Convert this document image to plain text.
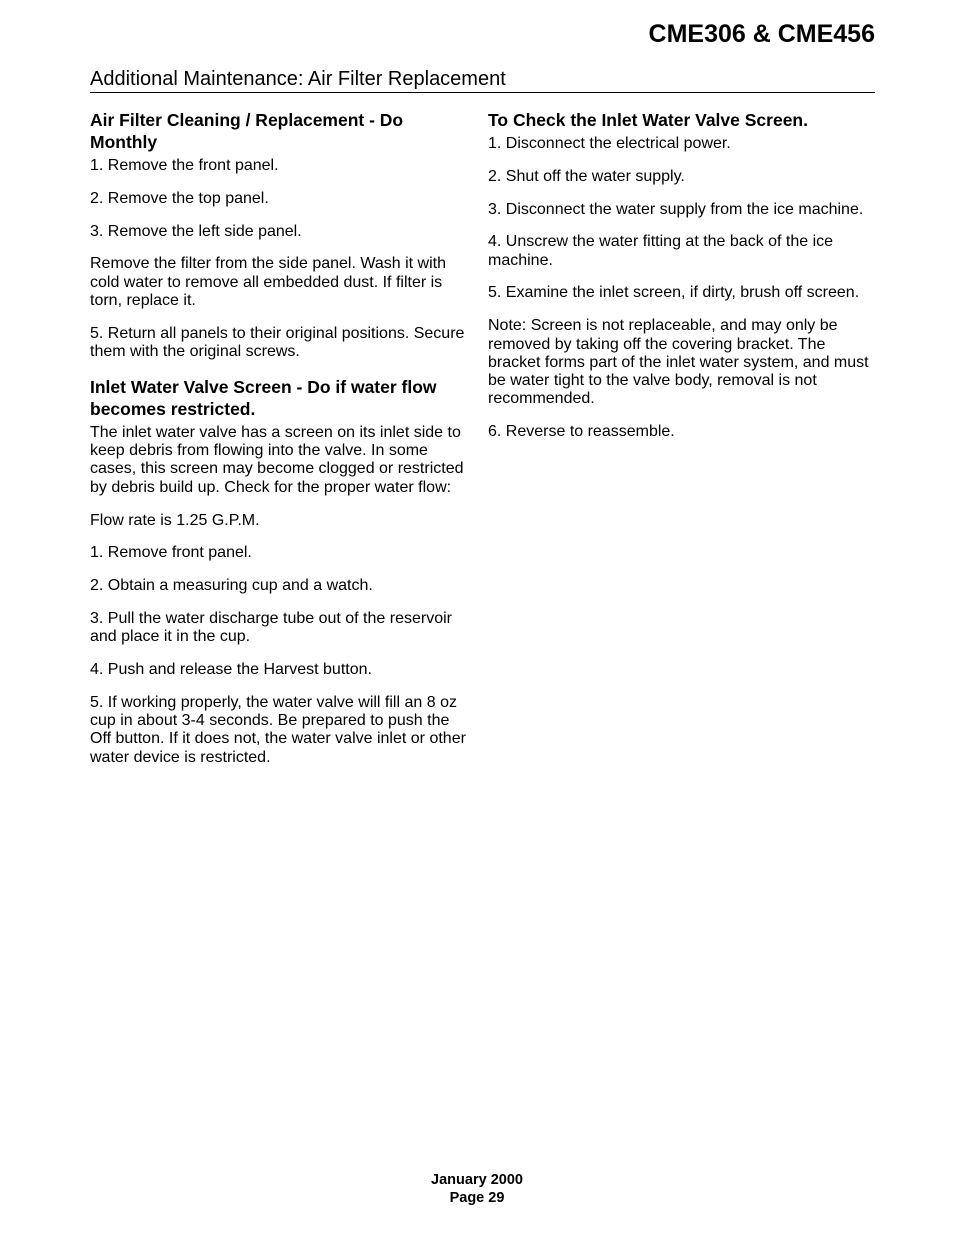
CME306 & CME456
Additional Maintenance: Air Filter Replacement
Air Filter Cleaning / Replacement - Do Monthly

1. Remove the front panel.

2. Remove the top panel.

3. Remove the left side panel.

Remove the filter from the side panel. Wash it with cold water to remove all embedded dust. If filter is torn, replace it.

5. Return all panels to their original positions. Secure them with the original screws.

Inlet Water Valve Screen - Do if water flow becomes restricted.

The inlet water valve has a screen on its inlet side to keep debris from flowing into the valve. In some cases, this screen may become clogged or restricted by debris build up. Check for the proper water flow:

Flow rate is 1.25 G.P.M.

1. Remove front panel.

2. Obtain a measuring cup and a watch.

3. Pull the water discharge tube out of the reservoir and place it in the cup.

4. Push and release the Harvest button.

5. If working properly, the water valve will fill an 8 oz cup in about 3-4 seconds. Be prepared to push the Off button. If it does not, the water valve inlet or other water device is restricted.

To Check the Inlet Water Valve Screen.

1. Disconnect the electrical power.

2. Shut off the water supply.

3. Disconnect the water supply from the ice machine.

4. Unscrew the water fitting at the back of the ice machine.

5. Examine the inlet screen, if dirty, brush off screen.

Note: Screen is not replaceable, and may only be removed by taking off the covering bracket. The bracket forms part of the inlet water system, and must be water tight to the valve body, removal is not recommended.

6. Reverse to reassemble.

January 2000
Page 29
